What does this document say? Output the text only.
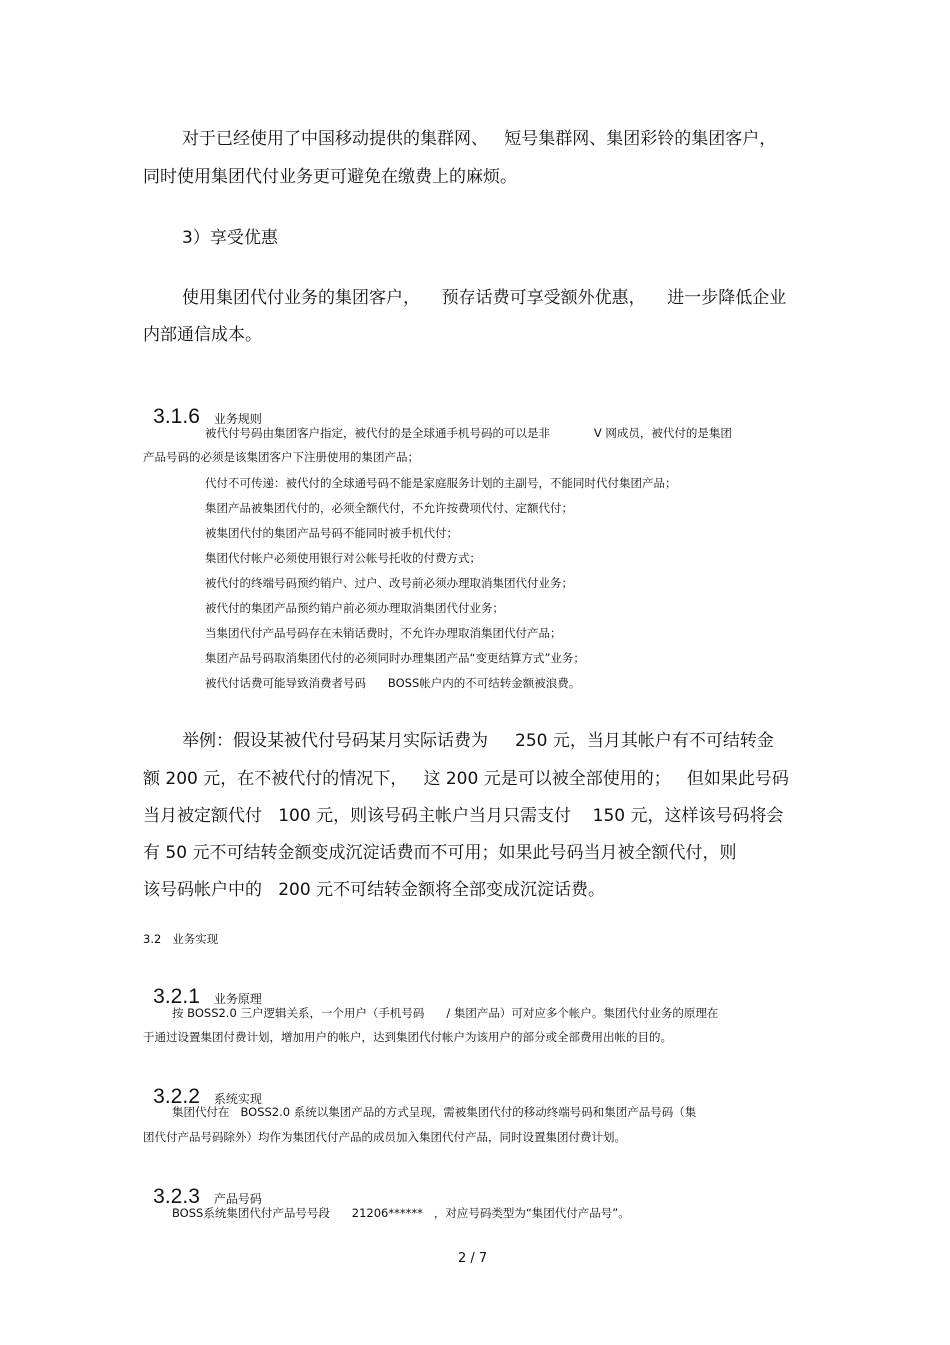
对于已经使用了中国移动提供的集群网、   短号集群网、集团彩铃的集团客户，
同时使用集团代付业务更可避免在缴费上的麻烦。
3）享受优惠
使用集团代付业务的集团客户，    预存话费可享受额外优惠，    进一步降低企业
内部通信成本。

3.1.6 业务规则

被代付号码由集团客户指定，被代付的是全球通手机号码的可以是非            V 网成员，被代付的是集团
产品号码的必须是该集团客户下注册使用的集团产品；
代付不可传递：被代付的全球通号码不能是家庭服务计划的主副号，不能同时代付集团产品；
集团产品被集团代付的，必须全额代付，不允许按费项代付、定额代付；
被集团代付的集团产品号码不能同时被手机代付；
集团代付帐户必须使用银行对公帐号托收的付费方式；
被代付的终端号码预约销户、过户、改号前必须办理取消集团代付业务；
被代付的集团产品预约销户前必须办理取消集团代付业务；
当集团代付产品号码存在未销话费时，不允许办理取消集团代付产品；
集团产品号码取消集团代付的必须同时办理集团产品“变更结算方式”业务；
被代付话费可能导致消费者号码      BOSS帐户内的不可结转金额被浪费。
举例：假设某被代付号码某月实际话费为     250 元，当月其帐户有不可结转金
额 200 元，在不被代付的情况下，   这 200 元是可以被全部使用的；   但如果此号码
当月被定额代付   100 元，则该号码主帐户当月只需支付    150 元，这样该号码将会
有 50 元不可结转金额变成沉淀话费而不可用；如果此号码当月被全额代付，则
该号码帐户中的   200 元不可结转金额将全部变成沉淀话费。
3.2   业务实现

3.2.1 业务原理

按 BOSS2.0 三户逻辑关系，一个用户（手机号码      / 集团产品）可对应多个帐户。集团代付业务的原理在
于通过设置集团付费计划，增加用户的帐户，达到集团代付帐户为该用户的部分或全部费用出帐的目的。

3.2.2 系统实现

集团代付在   BOSS2.0 系统以集团产品的方式呈现，需被集团代付的移动终端号码和集团产品号码（集
团代付产品号码除外）均作为集团代付产品的成员加入集团代付产品，同时设置集团付费计划。

3.2.3 产品号码

BOSS系统集团代付产品号号段      21206******   ，对应号码类型为“集团代付产品号”。
2 / 7
